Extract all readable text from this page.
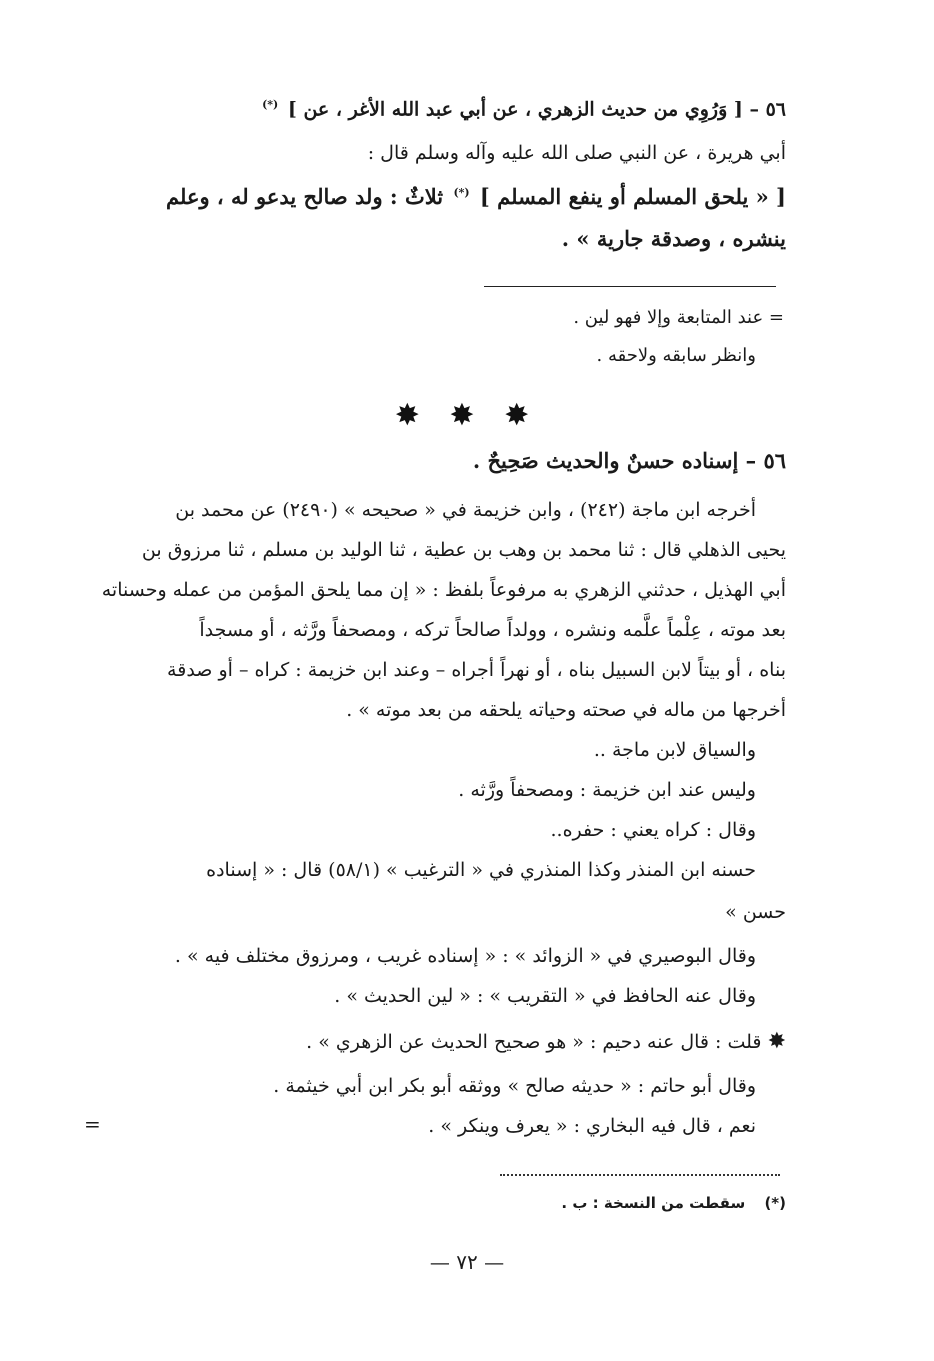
٥٦ – [ وَرُوِي من حديث الزهري ، عن أبي عبد الله الأغر ، عن ] (*)
أبي هريرة ، عن النبي صلى الله عليه وآله وسلم قال :
[ « يلحق المسلم أو ينفع المسلم ] (*) ثلاثٌ : ولد صالح يدعو له ، وعلم
ينشره ، وصدقة جارية » .
= عند المتابعة وإلا فهو لين .
وانظر سابقه ولاحقه .
✸ ✸ ✸
٥٦ – إسناده حسنٌ والحديث صَحِيحٌ .
أخرجه ابن ماجة (٢٤٢) ، وابن خزيمة في « صحيحه » (٢٤٩٠) عن محمد بن
يحيى الذهلي قال : ثنا محمد بن وهب بن عطية ، ثنا الوليد بن مسلم ، ثنا مرزوق بن
أبي الهذيل ، حدثني الزهري به مرفوعاً بلفظ : « إن مما يلحق المؤمن من عمله وحسناته
بعد موته ، عِلْماً علَّمه ونشره ، وولداً صالحاً تركه ، ومصحفاً ورَّثه ، أو مسجداً
بناه ، أو بيتاً لابن السبيل بناه ، أو نهراً أجراه – وعند ابن خزيمة : كراه – أو صدقة
أخرجها من ماله في صحته وحياته يلحقه من بعد موته » .
والسياق لابن ماجة ..
وليس عند ابن خزيمة : ومصحفاً ورَّثه .
وقال : كراه يعني : حفره..
حسنه ابن المنذر وكذا المنذري في « الترغيب » (٥٨/١) قال : « إسناده
حسن »
وقال البوصيري في « الزوائد » : « إسناده غريب ، ومرزوق مختلف فيه » .
وقال عنه الحافظ في « التقريب » : « لين الحديث » .
✸ قلت : قال عنه دحيم : « هو صحيح الحديث عن الزهري » .
وقال أبو حاتم : « حديثه صالح » ووثقه أبو بكر ابن أبي خيثمة .
نعم ، قال فيه البخاري : « يعرف وينكر » .
=
(*) سقطت من النسخة : ب .
— ٧٢ —
